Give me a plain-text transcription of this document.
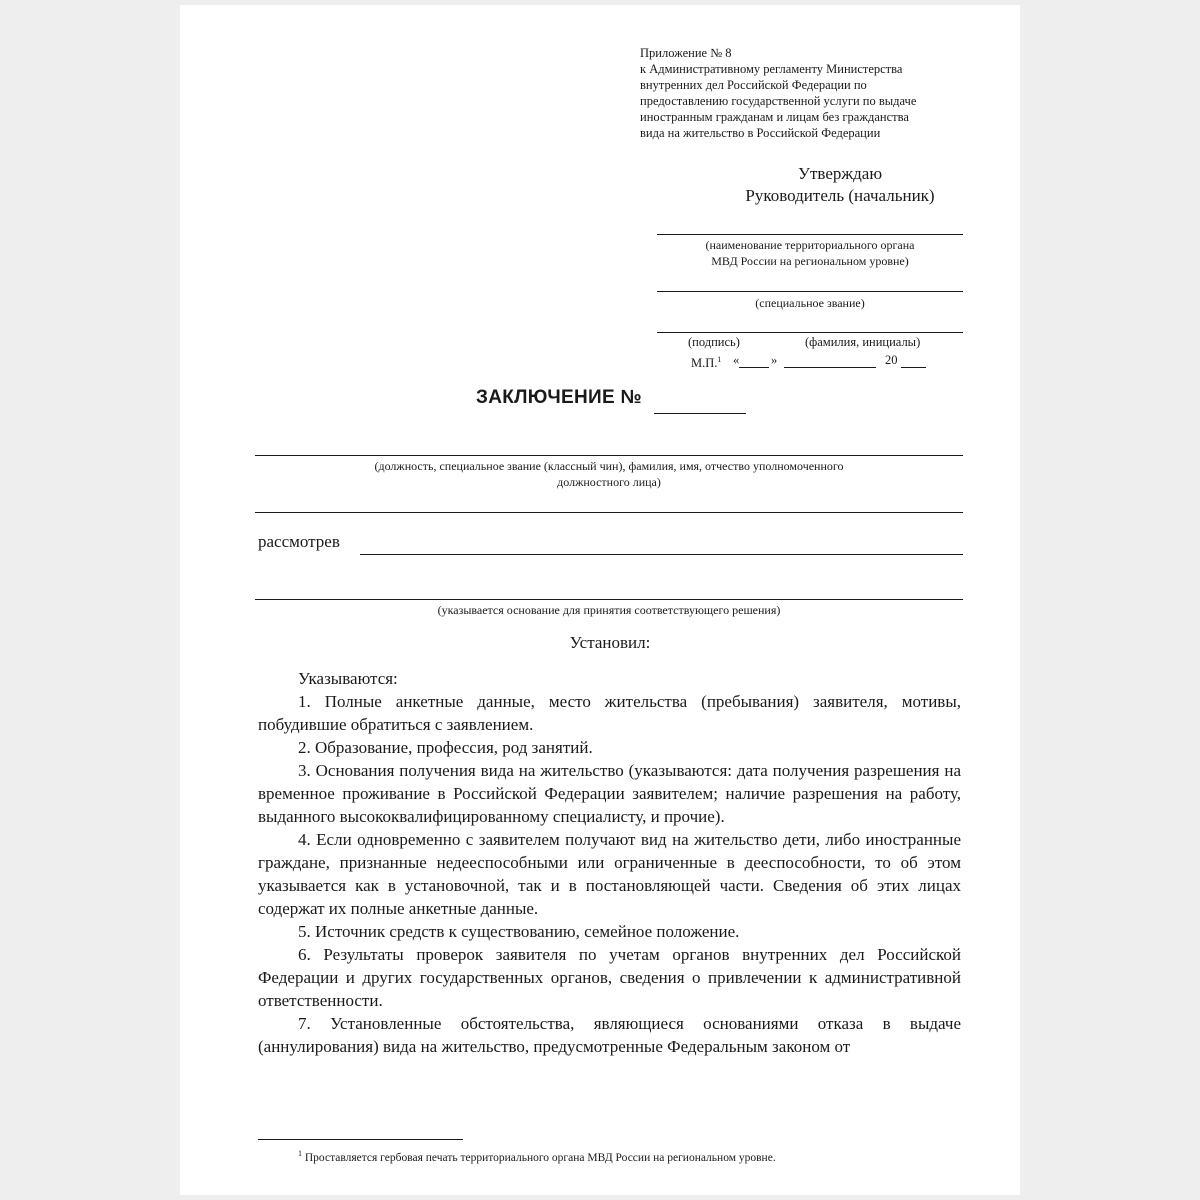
Приложение № 8
к Административному регламенту Министерства
внутренних дел Российской Федерации по
предоставлению государственной услуги по выдаче
иностранным гражданам и лицам без гражданства
вида на жительство в Российской Федерации
Утверждаю
Руководитель (начальник)
(наименование территориального органа
МВД России на региональном уровне)
(специальное звание)
(подпись)	(фамилия, инициалы)
М.П.$^1$ «	»	20
ЗАКЛЮЧЕНИЕ №
(должность, специальное звание (классный чин), фамилия, имя, отчество уполномоченного
должностного лица)
рассмотрев
(указывается основание для принятия соответствующего решения)
Установил:

Указываются:

1. Полные анкетные данные, место жительства (пребывания) заявителя, мотивы, побудившие обратиться с заявлением.

2. Образование, профессия, род занятий.

3. Основания получения вида на жительство (указываются: дата получения разрешения на временное проживание в Российской Федерации заявителем; наличие разрешения на работу, выданного высококвалифицированному специалисту, и прочие).

4. Если одновременно с заявителем получают вид на жительство дети, либо иностранные граждане, признанные недееспособными или ограниченные в дееспособности, то об этом указывается как в установочной, так и в постановляющей части. Сведения об этих лицах содержат их полные анкетные данные.

5. Источник средств к существованию, семейное положение.

6. Результаты проверок заявителя по учетам органов внутренних дел Российской Федерации и других государственных органов, сведения о привлечении к административной ответственности.

7. Установленные обстоятельства, являющиеся основаниями отказа в выдаче (аннулирования) вида на жительство, предусмотренные Федеральным законом от

$^1$ Проставляется гербовая печать территориального органа МВД России на региональном уровне.
